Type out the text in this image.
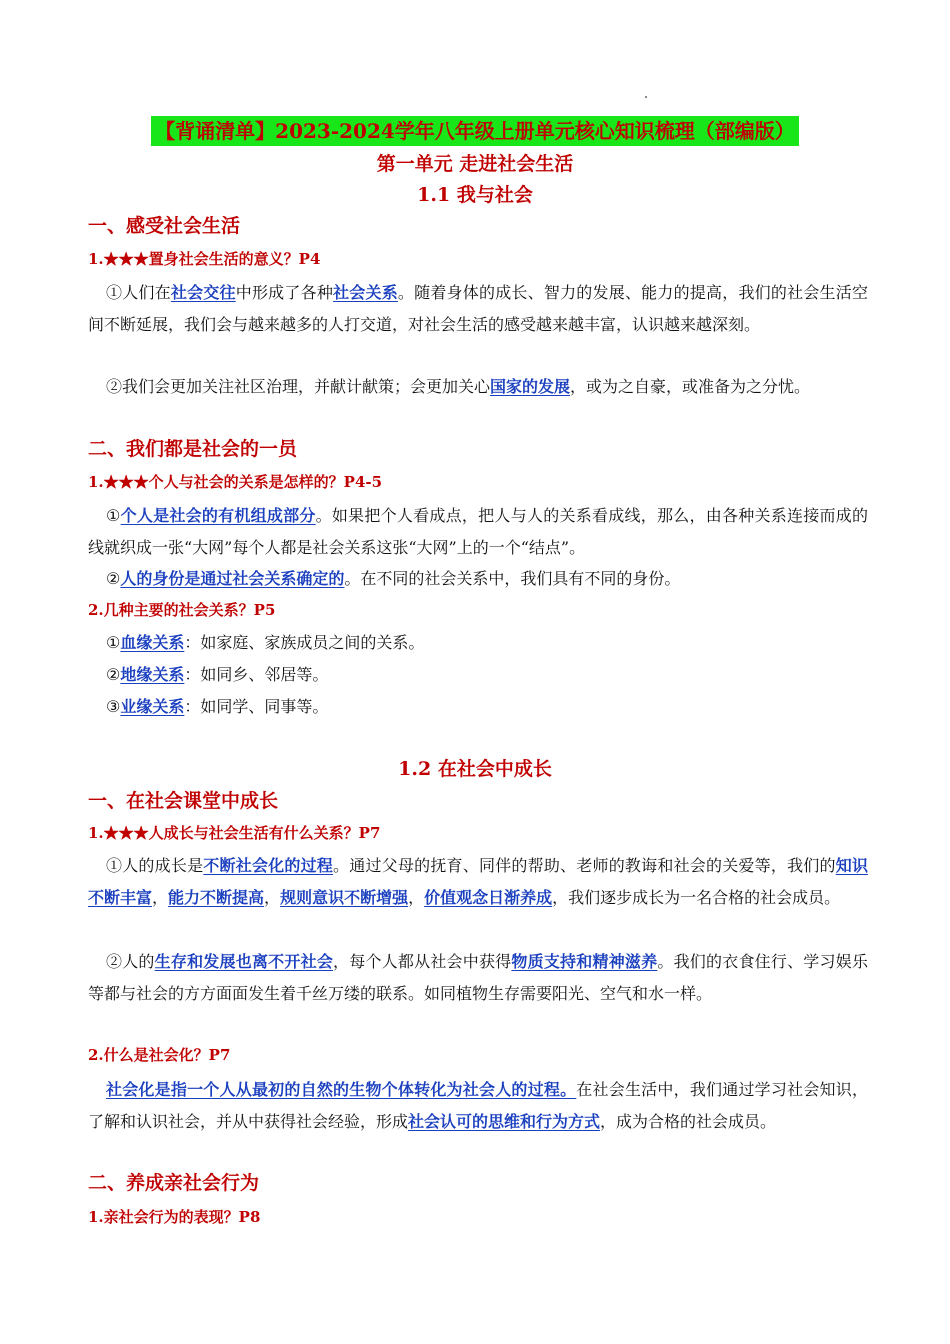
【背诵清单】2023-2024学年八年级上册单元核心知识梳理（部编版）
第一单元 走进社会生活
1.1 我与社会
一、感受社会生活
1.★★★置身社会生活的意义？P4
①人们在社会交往中形成了各种社会关系。随着身体的成长、智力的发展、能力的提高，我们的社会生活空间不断延展，我们会与越来越多的人打交道，对社会生活的感受越来越丰富，认识越来越深刻。
②我们会更加关注社区治理，并献计献策；会更加关心国家的发展，或为之自豪，或准备为之分忧。
二、我们都是社会的一员
1.★★★个人与社会的关系是怎样的？P4-5
①个人是社会的有机组成部分。如果把个人看成点，把人与人的关系看成线，那么，由各种关系连接而成的线就织成一张“大网”每个人都是社会关系这张“大网”上的一个“结点”。
②人的身份是通过社会关系确定的。在不同的社会关系中，我们具有不同的身份。
2.几种主要的社会关系？P5
①血缘关系：如家庭、家族成员之间的关系。
②地缘关系：如同乡、邻居等。
③业缘关系：如同学、同事等。
1.2 在社会中成长
一、在社会课堂中成长
1.★★★人成长与社会生活有什么关系？P7
①人的成长是不断社会化的过程。通过父母的抚育、同伴的帮助、老师的教诲和社会的关爱等，我们的知识不断丰富，能力不断提高，规则意识不断增强，价值观念日渐养成，我们逐步成长为一名合格的社会成员。
②人的生存和发展也离不开社会，每个人都从社会中获得物质支持和精神滋养。我们的衣食住行、学习娱乐等都与社会的方方面面发生着千丝万缕的联系。如同植物生存需要阳光、空气和水一样。
2.什么是社会化？P7
社会化是指一个人从最初的自然的生物个体转化为社会人的过程。在社会生活中，我们通过学习社会知识，了解和认识社会，并从中获得社会经验，形成社会认可的思维和行为方式，成为合格的社会成员。
二、养成亲社会行为
1.亲社会行为的表现？P8
